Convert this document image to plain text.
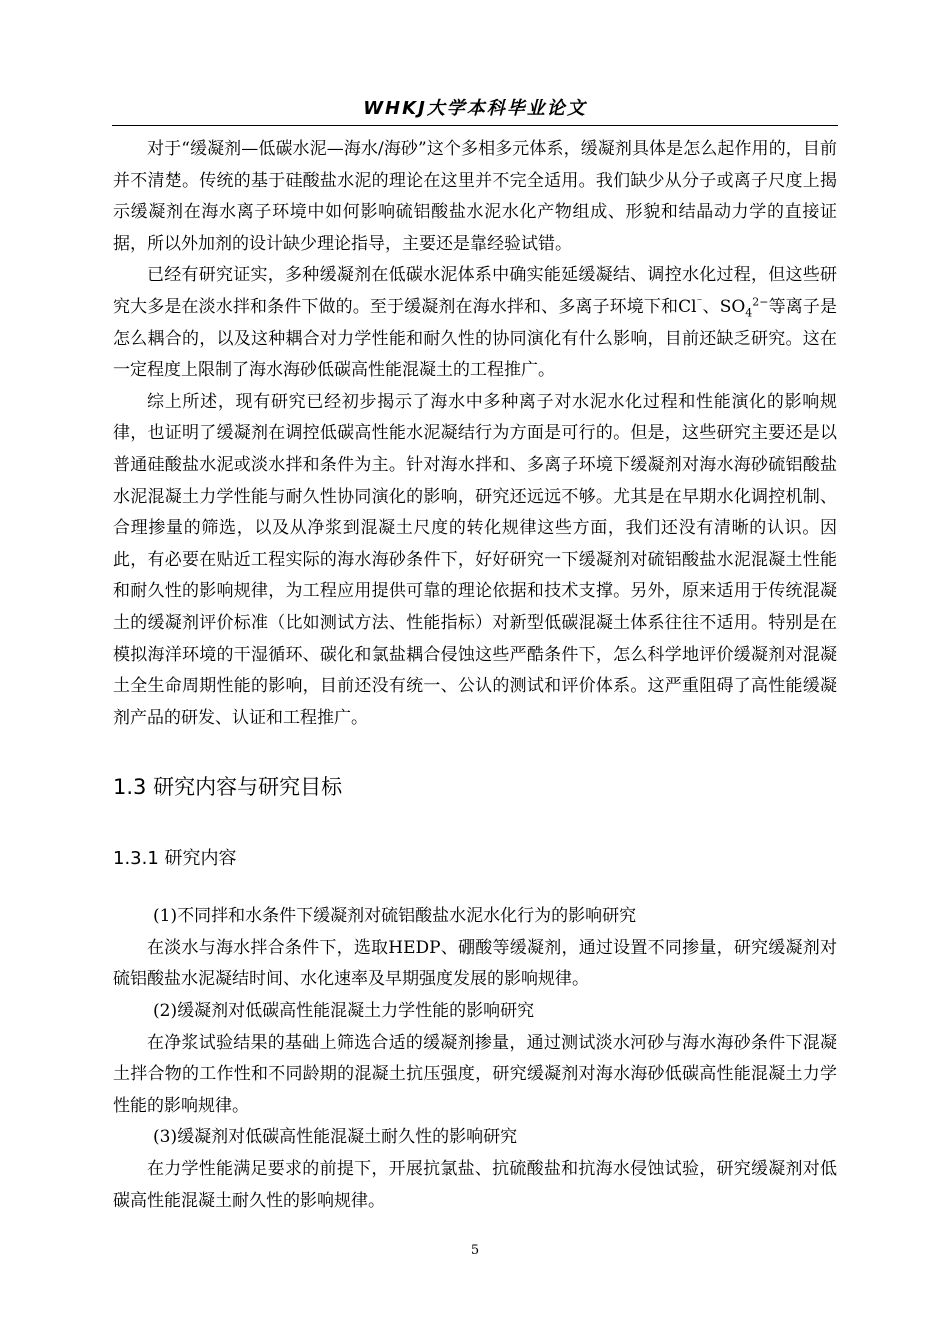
WHKJ大学本科毕业论文

对于“缓凝剂—低碳水泥—海水/海砂”这个多相多元体系，缓凝剂具体是怎么起作用的，目前并不清楚。传统的基于硅酸盐水泥的理论在这里并不完全适用。我们缺少从分子或离子尺度上揭示缓凝剂在海水离子环境中如何影响硫铝酸盐水泥水化产物组成、形貌和结晶动力学的直接证据，所以外加剂的设计缺少理论指导，主要还是靠经验试错。

已经有研究证实，多种缓凝剂在低碳水泥体系中确实能延缓凝结、调控水化过程，但这些研究大多是在淡水拌和条件下做的。至于缓凝剂在海水拌和、多离子环境下和Cl⁻、$SO_4^{2-}$等离子是怎么耦合的，以及这种耦合对力学性能和耐久性的协同演化有什么影响，目前还缺乏研究。这在一定程度上限制了海水海砂低碳高性能混凝土的工程推广。

综上所述，现有研究已经初步揭示了海水中多种离子对水泥水化过程和性能演化的影响规律，也证明了缓凝剂在调控低碳高性能水泥凝结行为方面是可行的。但是，这些研究主要还是以普通硅酸盐水泥或淡水拌和条件为主。针对海水拌和、多离子环境下缓凝剂对海水海砂硫铝酸盐水泥混凝土力学性能与耐久性协同演化的影响，研究还远远不够。尤其是在早期水化调控机制、合理掺量的筛选，以及从净浆到混凝土尺度的转化规律这些方面，我们还没有清晰的认识。因此，有必要在贴近工程实际的海水海砂条件下，好好研究一下缓凝剂对硫铝酸盐水泥混凝土性能和耐久性的影响规律，为工程应用提供可靠的理论依据和技术支撑。另外，原来适用于传统混凝土的缓凝剂评价标准（比如测试方法、性能指标）对新型低碳混凝土体系往往不适用。特别是在模拟海洋环境的干湿循环、碳化和氯盐耦合侵蚀这些严酷条件下，怎么科学地评价缓凝剂对混凝土全生命周期性能的影响，目前还没有统一、公认的测试和评价体系。这严重阻碍了高性能缓凝剂产品的研发、认证和工程推广。

1.3 研究内容与研究目标
1.3.1 研究内容

(1)不同拌和水条件下缓凝剂对硫铝酸盐水泥水化行为的影响研究

在淡水与海水拌合条件下，选取HEDP、硼酸等缓凝剂，通过设置不同掺量，研究缓凝剂对硫铝酸盐水泥凝结时间、水化速率及早期强度发展的影响规律。

(2)缓凝剂对低碳高性能混凝土力学性能的影响研究

在净浆试验结果的基础上筛选合适的缓凝剂掺量，通过测试淡水河砂与海水海砂条件下混凝土拌合物的工作性和不同龄期的混凝土抗压强度，研究缓凝剂对海水海砂低碳高性能混凝土力学性能的影响规律。

(3)缓凝剂对低碳高性能混凝土耐久性的影响研究

在力学性能满足要求的前提下，开展抗氯盐、抗硫酸盐和抗海水侵蚀试验，研究缓凝剂对低碳高性能混凝土耐久性的影响规律。

5
